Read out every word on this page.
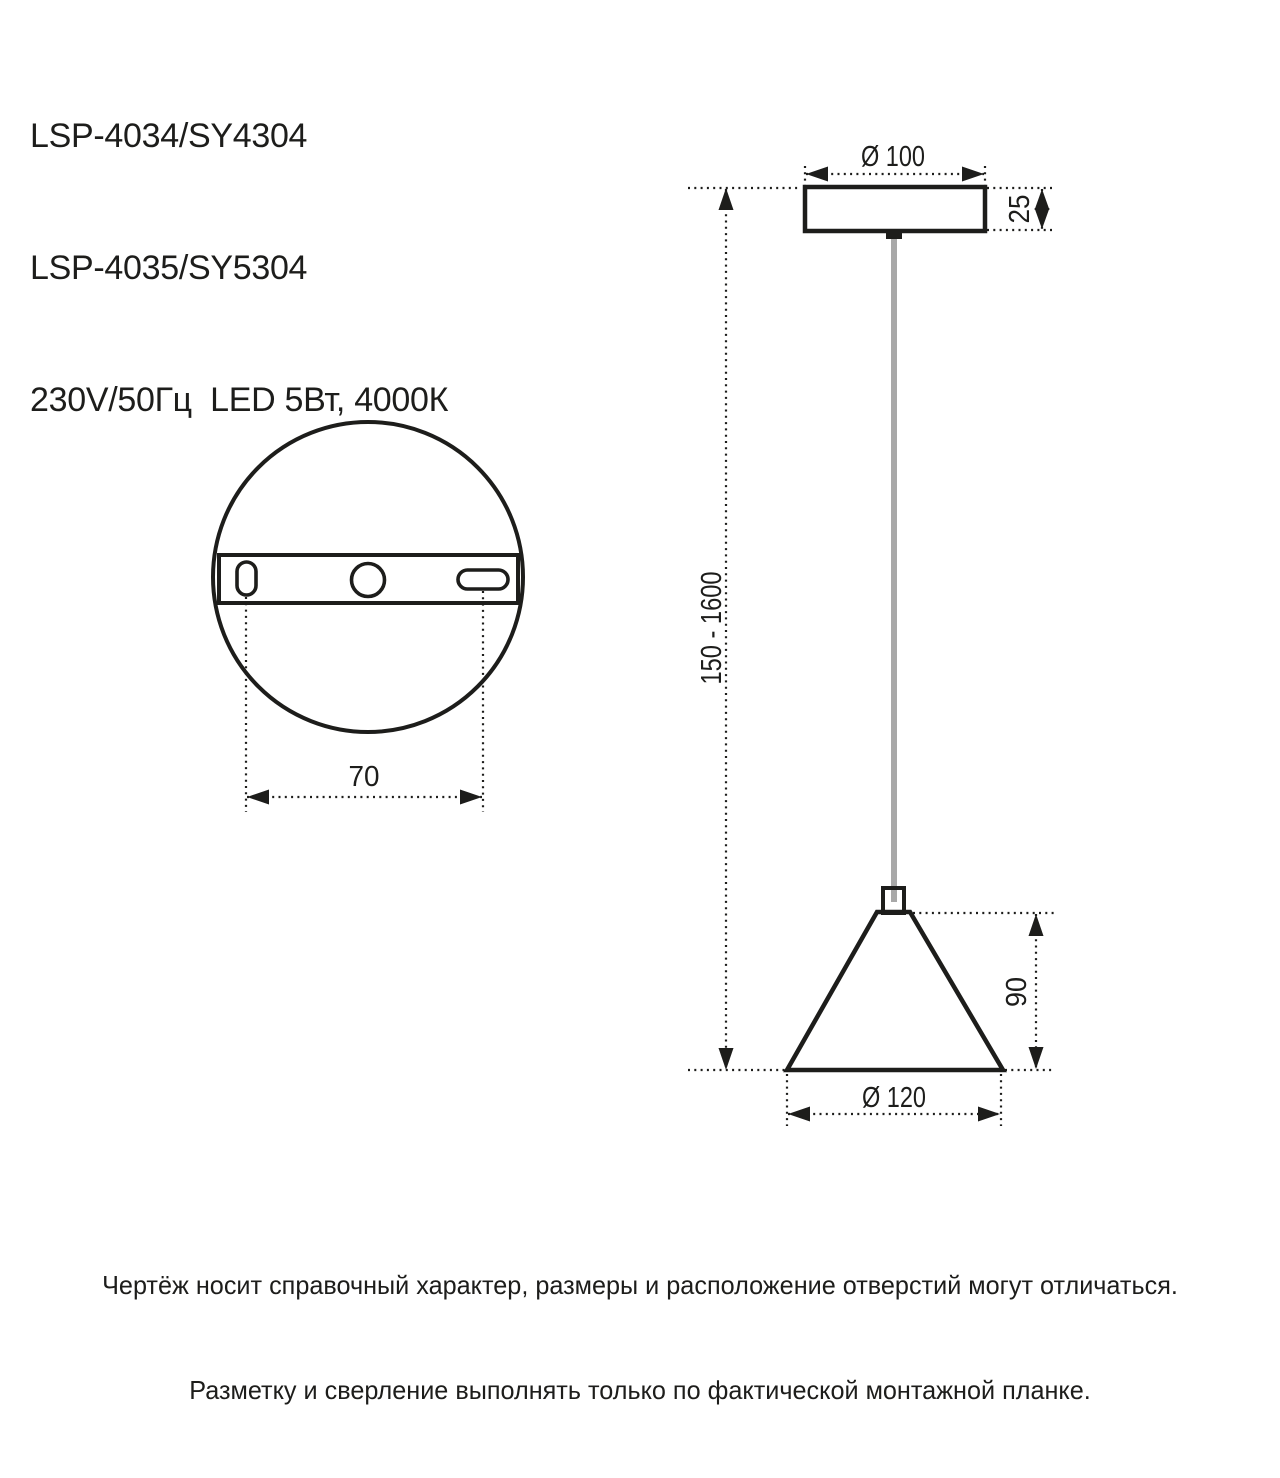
LSP-4034/SY4304

LSP-4035/SY5304

230V/50Гц  LED 5Вт, 4000К

Ø 100
25
150 - 1600
90
Ø 120
70

Чертёж носит справочный характер, размеры и расположение отверстий могут отличаться.

Разметку и сверление выполнять только по фактической монтажной планке.
